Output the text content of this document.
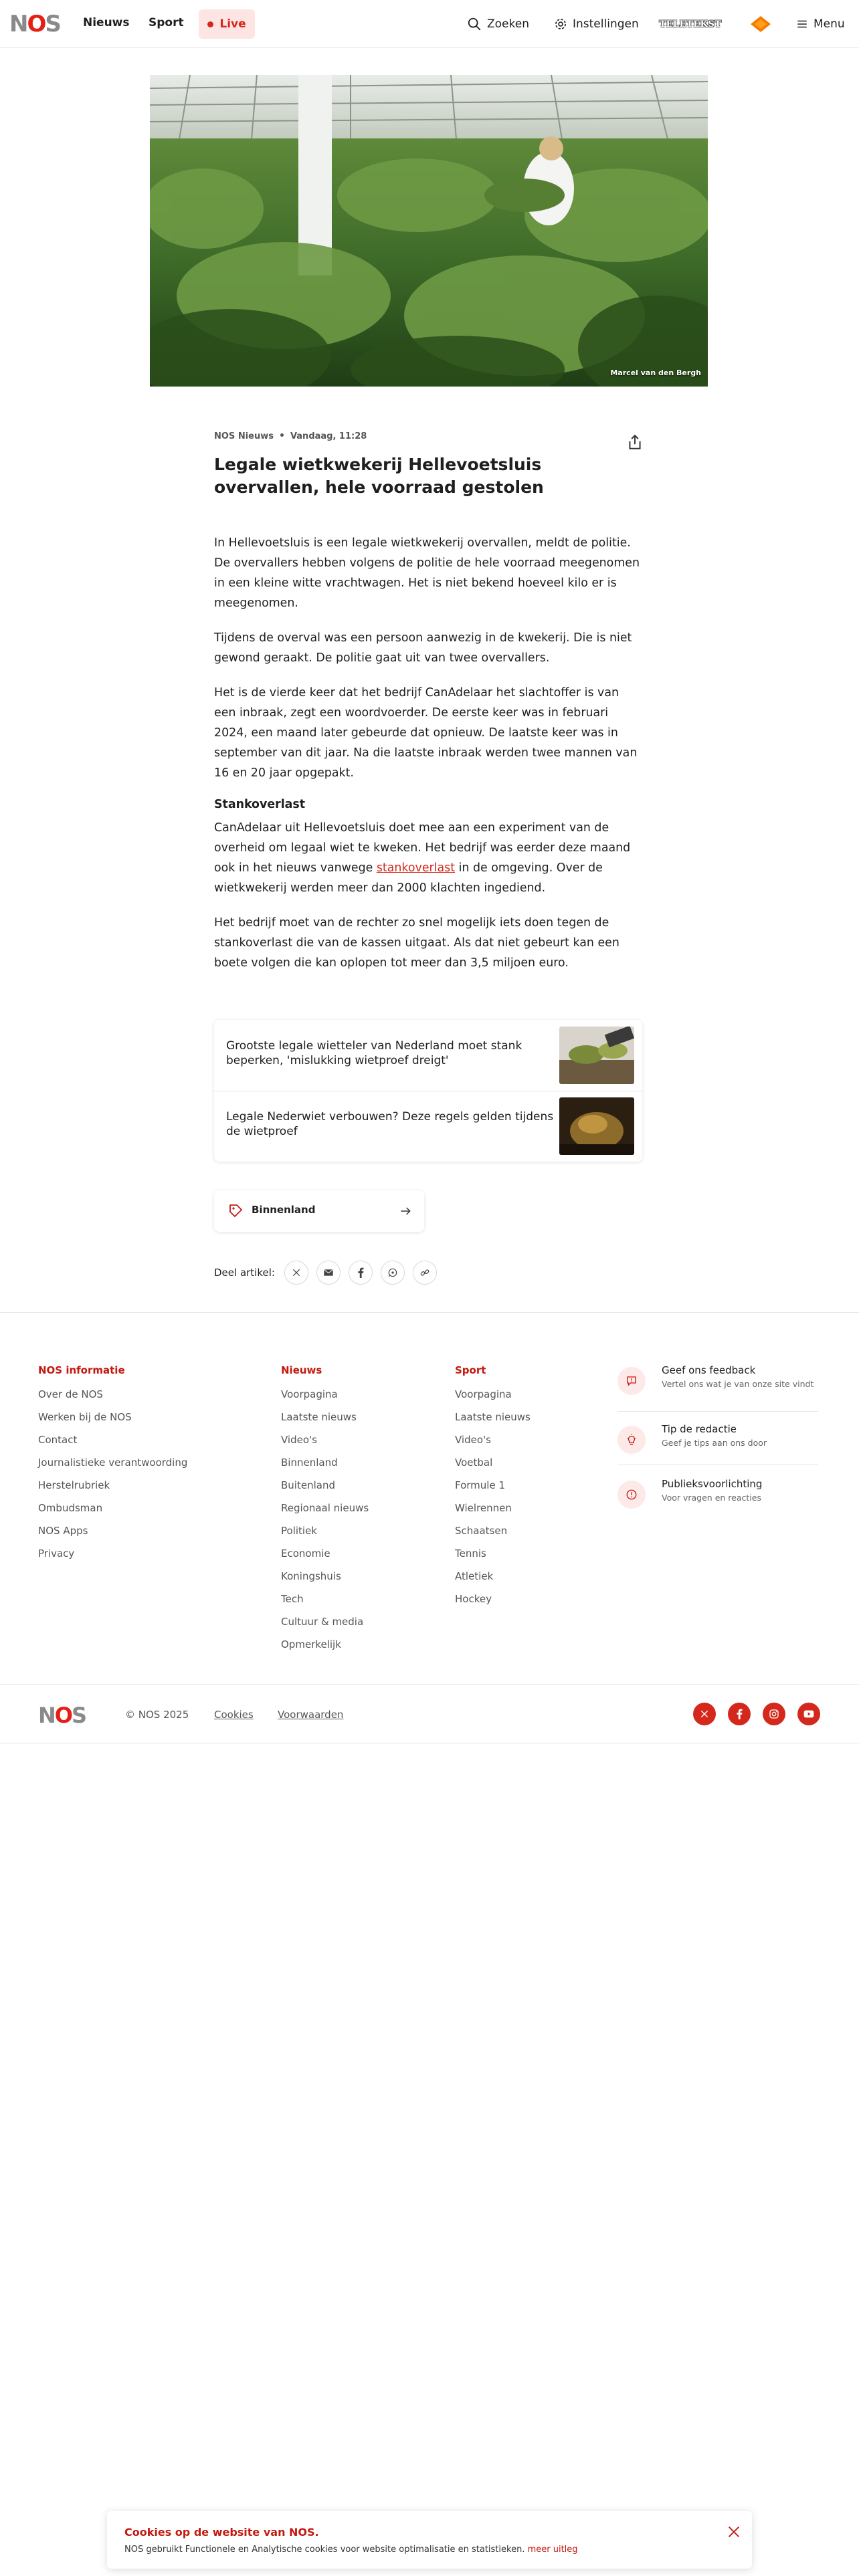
NOS Nieuws Sport	Live	Zoeken	Instellingen TELETEKST	Menu
Marcel van den Bergh
NOS Nieuws • Vandaag, 11:28
Legale wietkwekerij Hellevoetsluis overvallen, hele voorraad gestolen

In Hellevoetsluis is een legale wietkwekerij overvallen, meldt de politie. De overvallers hebben volgens de politie de hele voorraad meegenomen in een kleine witte vrachtwagen. Het is niet bekend hoeveel kilo er is meegenomen.

Tijdens de overval was een persoon aanwezig in de kwekerij. Die is niet gewond geraakt. De politie gaat uit van twee overvallers.

Het is de vierde keer dat het bedrijf CanAdelaar het slachtoffer is van een inbraak, zegt een woordvoerder. De eerste keer was in februari 2024, een maand later gebeurde dat opnieuw. De laatste keer was in september van dit jaar. Na die laatste inbraak werden twee mannen van 16 en 20 jaar opgepakt.

Stankoverlast

CanAdelaar uit Hellevoetsluis doet mee aan een experiment van de overheid om legaal wiet te kweken. Het bedrijf was eerder deze maand ook in het nieuws vanwege stankoverlast in de omgeving. Over de wietkwekerij werden meer dan 2000 klachten ingediend.

Het bedrijf moet van de rechter zo snel mogelijk iets doen tegen de stankoverlast die van de kassen uitgaat. Als dat niet gebeurt kan een boete volgen die kan oplopen tot meer dan 3,5 miljoen euro.

Grootste legale wietteler van Nederland moet stank beperken, 'mislukking wietproef dreigt'
Legale Nederwiet verbouwen? Deze regels gelden tijdens de wietproef
Binnenland
Deel artikel:
NOS informatie
Over de NOS
Werken bij de NOS
Contact
Journalistieke verantwoording
Herstelrubriek
Ombudsman
NOS Apps
Privacy
Nieuws
Voorpagina
Laatste nieuws
Video's
Binnenland
Buitenland
Regionaal nieuws
Politiek
Economie
Koningshuis
Tech
Cultuur & media
Opmerkelijk
Sport
Voorpagina
Laatste nieuws
Video's
Voetbal
Formule 1
Wielrennen
Schaatsen
Tennis
Atletiek
Hockey
Geef ons feedback
Vertel ons wat je van onze site vindt
Tip de redactie
Geef je tips aan ons door
Publieksvoorlichting
Voor vragen en reacties
NOS	© NOS 2025	Cookies Voorwaarden
Cookies op de website van NOS.
NOS gebruikt Functionele en Analytische cookies voor website optimalisatie en statistieken. meer uitleg
